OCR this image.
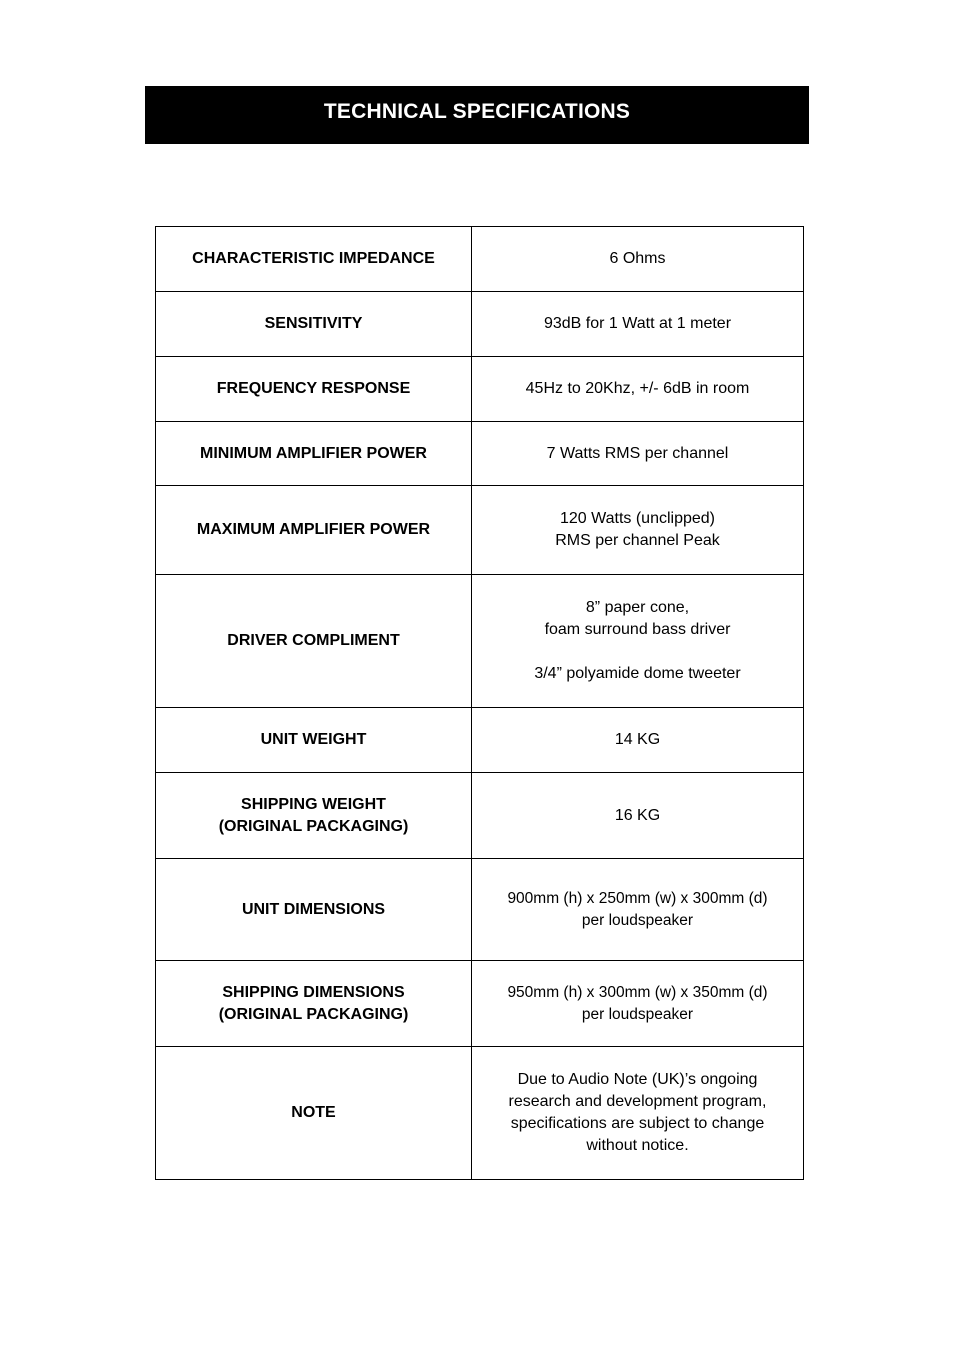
TECHNICAL SPECIFICATIONS
CHARACTERISTIC IMPEDANCE	6 Ohms

SENSITIVITY	93dB for 1 Watt at 1 meter

FREQUENCY RESPONSE	45Hz to 20Khz, +/- 6dB in room

MINIMUM AMPLIFIER POWER	7 Watts RMS per channel

MAXIMUM AMPLIFIER POWER	120 Watts (unclipped)
RMS per channel Peak

DRIVER COMPLIMENT	8” paper cone,
foam surround bass driver
3/4” polyamide dome tweeter

UNIT WEIGHT	14 KG

SHIPPING WEIGHT
(ORIGINAL PACKAGING)	16 KG

UNIT DIMENSIONS	900mm (h) x 250mm (w) x 300mm (d)
per loudspeaker

SHIPPING DIMENSIONS
(ORIGINAL PACKAGING)	950mm (h) x 300mm (w) x 350mm (d)
per loudspeaker

NOTE	Due to Audio Note (UK)’s ongoing
research and development program,
specifications are subject to change
without notice.
